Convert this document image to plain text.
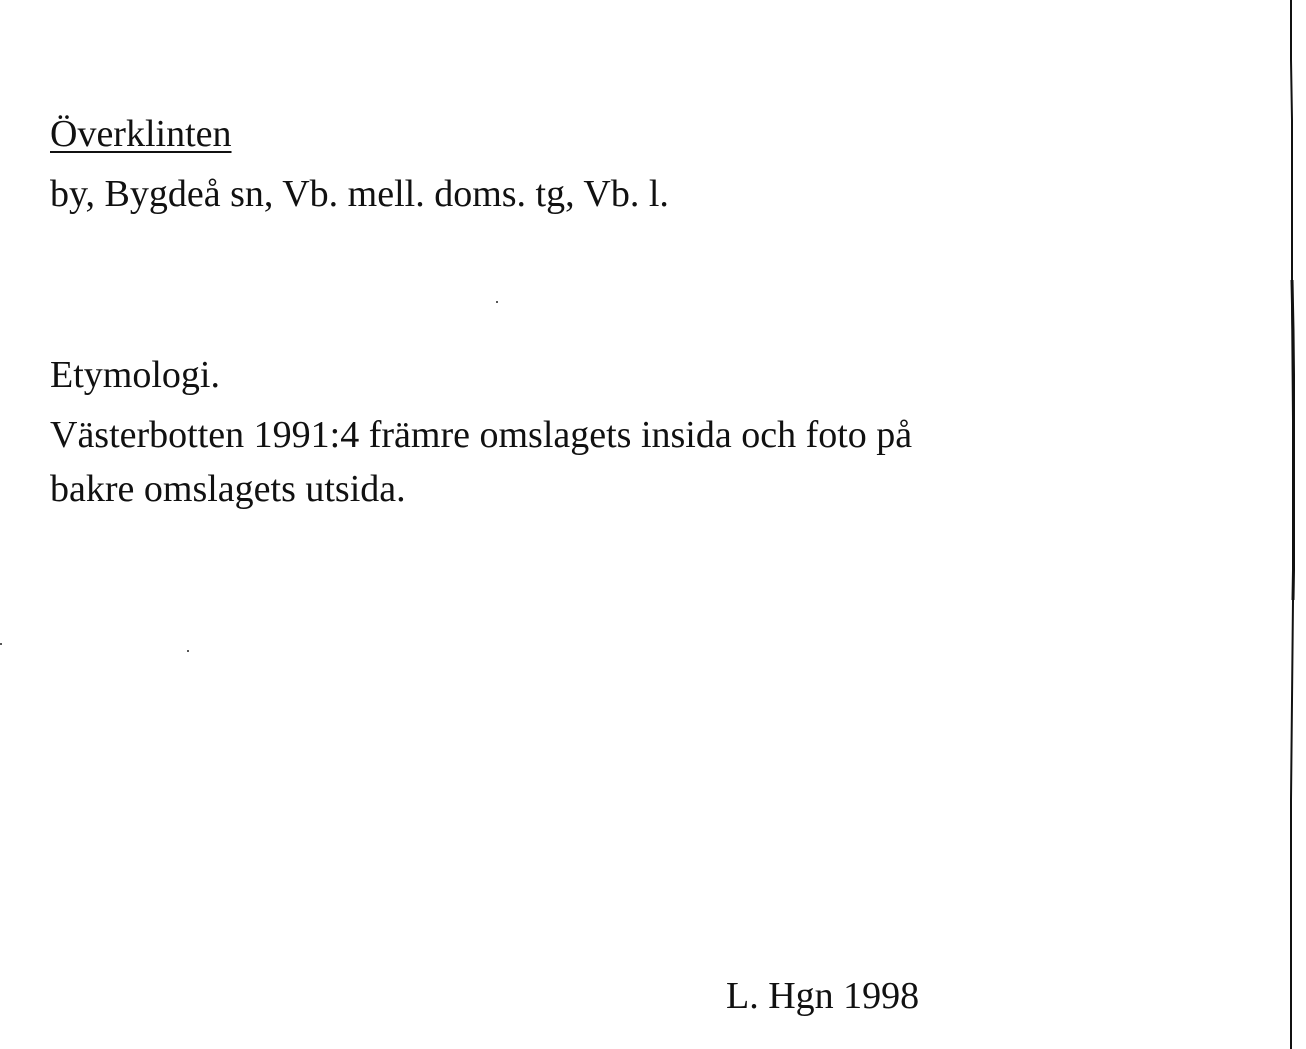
Överklinten
by, Bygdeå sn, Vb. mell. doms. tg, Vb. l.
Etymologi.
Västerbotten 1991:4 främre omslagets insida och foto på
bakre omslagets utsida.
L. Hgn 1998
